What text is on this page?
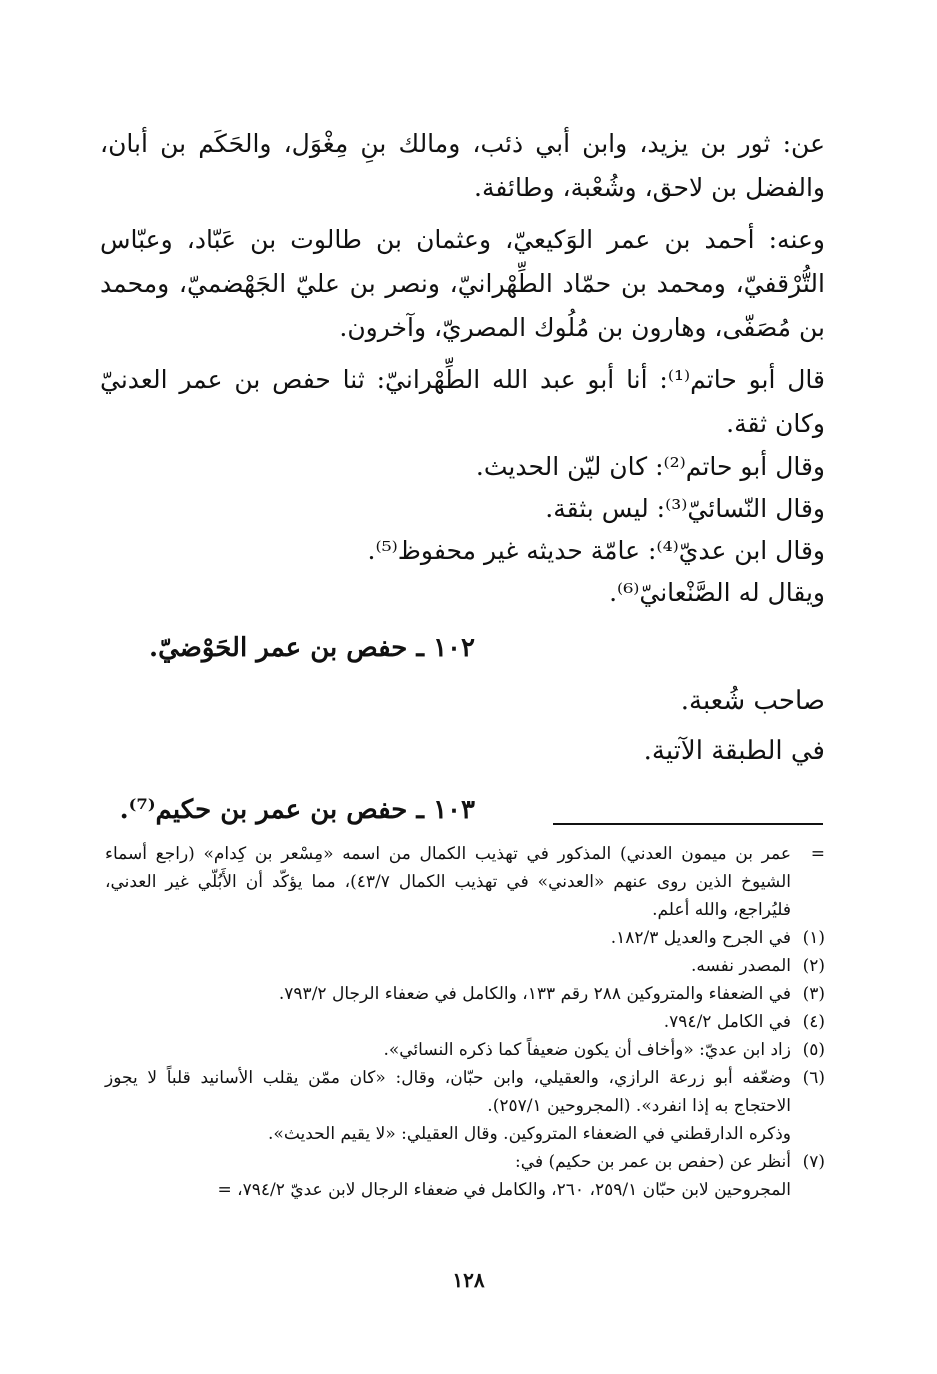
عن: ثور بن يزيد، وابن أبي ذئب، ومالك بنِ مِغْوَل، والحَكَم بن أبان، والفضل بن لاحق، وشُعْبة، وطائفة.

وعنه: أحمد بن عمر الوَكيعيّ، وعثمان بن طالوت بن عَبّاد، وعبّاس التُّرْقفيّ، ومحمد بن حمّاد الطِّهْرانيّ، ونصر بن عليّ الجَهْضميّ، ومحمد بن مُصَفّى، وهارون بن مُلُوك المصريّ، وآخرون.

قال أبو حاتم⁽¹⁾: أنا أبو عبد الله الطِّهْرانيّ: ثنا حفص بن عمر العدنيّ وكان ثقة.

وقال أبو حاتم⁽²⁾: كان ليّن الحديث.

وقال النّسائيّ⁽³⁾: ليس بثقة.

وقال ابن عديّ⁽⁴⁾: عامّة حديثه غير محفوظ⁽⁵⁾.

ويقال له الصَّنْعانيّ⁽⁶⁾.

١٠٢ ـ حفص بن عمر الحَوْضيّ.

صاحب شُعبة.

في الطبقة الآتية.

١٠٣ ـ حفص بن عمر بن حكيم⁽⁷⁾.

=
عمر بن ميمون العدني) المذكور في تهذيب الكمال من اسمه «مِسْعر بن كِدام» (راجع أسماء الشيوخ الذين روى عنهم «العدني» في تهذيب الكمال ٤٣/٧)، مما يؤكّد أن الأَبُلّي غير العدني، فليُراجع، والله أعلم.
(١)
في الجرح والعديل ١٨٢/٣.
(٢)
المصدر نفسه.
(٣)
في الضعفاء والمتروكين ٢٨٨ رقم ١٣٣، والكامل في ضعفاء الرجال ٧٩٣/٢.
(٤)
في الكامل ٧٩٤/٢.
(٥)
زاد ابن عديّ: «وأخاف أن يكون ضعيفاً كما ذكره النسائي».
(٦)
وضعّفه أبو زرعة الرازي، والعقيلي، وابن حبّان، وقال: «كان ممّن يقلب الأسانيد قلباً لا يجوز الاحتجاج به إذا انفرد». (المجروحين ٢٥٧/١).
وذكره الدارقطني في الضعفاء المتروكين. وقال العقيلي: «لا يقيم الحديث».
(٧)
أنظر عن (حفص بن عمر بن حكيم) في:
المجروحين لابن حبّان ٢٥٩/١، ٢٦٠، والكامل في ضعفاء الرجال لابن عديّ ٧٩٤/٢، =
١٢٨
